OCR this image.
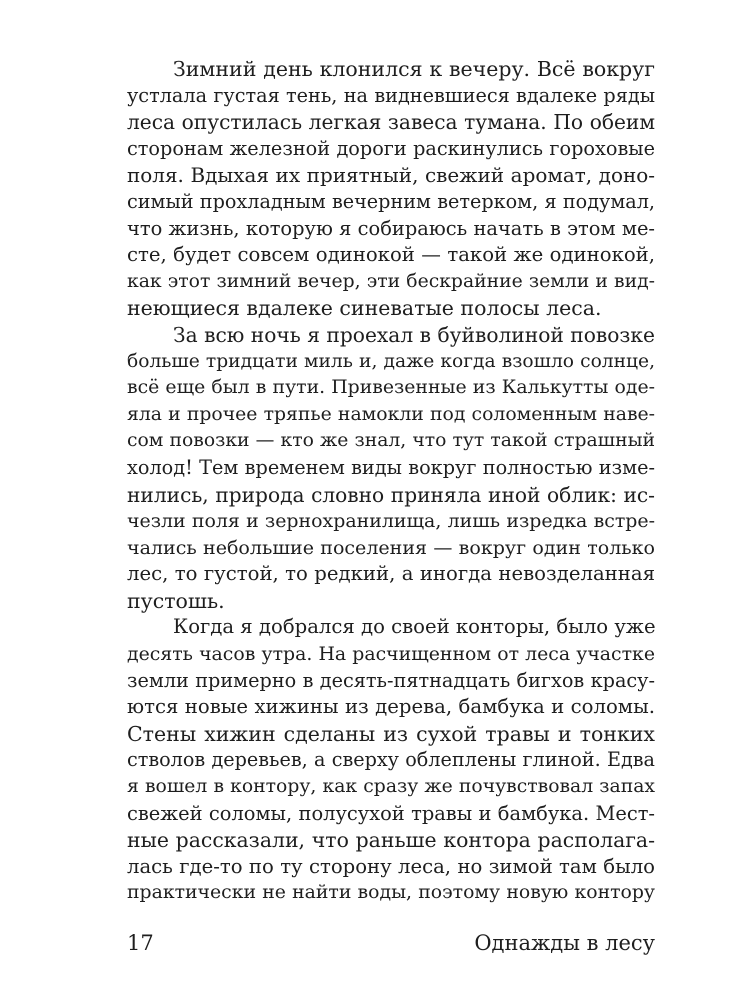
Зимний день клонился к вечеру. Всё вокруг
устлала густая тень, на видневшиеся вдалеке ряды
леса опустилась легкая завеса тумана. По обеим
сторонам железной дороги раскинулись гороховые
поля. Вдыхая их приятный, свежий аромат, доно-
симый прохладным вечерним ветерком, я подумал,
что жизнь, которую я собираюсь начать в этом ме-
сте, будет совсем одинокой — такой же одинокой,
как этот зимний вечер, эти бескрайние земли и вид-
неющиеся вдалеке синеватые полосы леса.
За всю ночь я проехал в буйволиной повозке
больше тридцати миль и, даже когда взошло солнце,
всё еще был в пути. Привезенные из Калькутты оде-
яла и прочее тряпье намокли под соломенным наве-
сом повозки — кто же знал, что тут такой страшный
холод! Тем временем виды вокруг полностью изме-
нились, природа словно приняла иной облик: ис-
чезли поля и зернохранилища, лишь изредка встре-
чались небольшие поселения — вокруг один только
лес, то густой, то редкий, а иногда невозделанная
пустошь.
Когда я добрался до своей конторы, было уже
десять часов утра. На расчищенном от леса участке
земли примерно в десять-пятнадцать бигхов красу-
ются новые хижины из дерева, бамбука и соломы.
Стены хижин сделаны из сухой травы и тонких
стволов деревьев, а сверху облеплены глиной. Едва
я вошел в контору, как сразу же почувствовал запах
свежей соломы, полусухой травы и бамбука. Мест-
ные рассказали, что раньше контора располага-
лась где-то по ту сторону леса, но зимой там было
практически не найти воды, поэтому новую контору
17	Однажды в лесу
